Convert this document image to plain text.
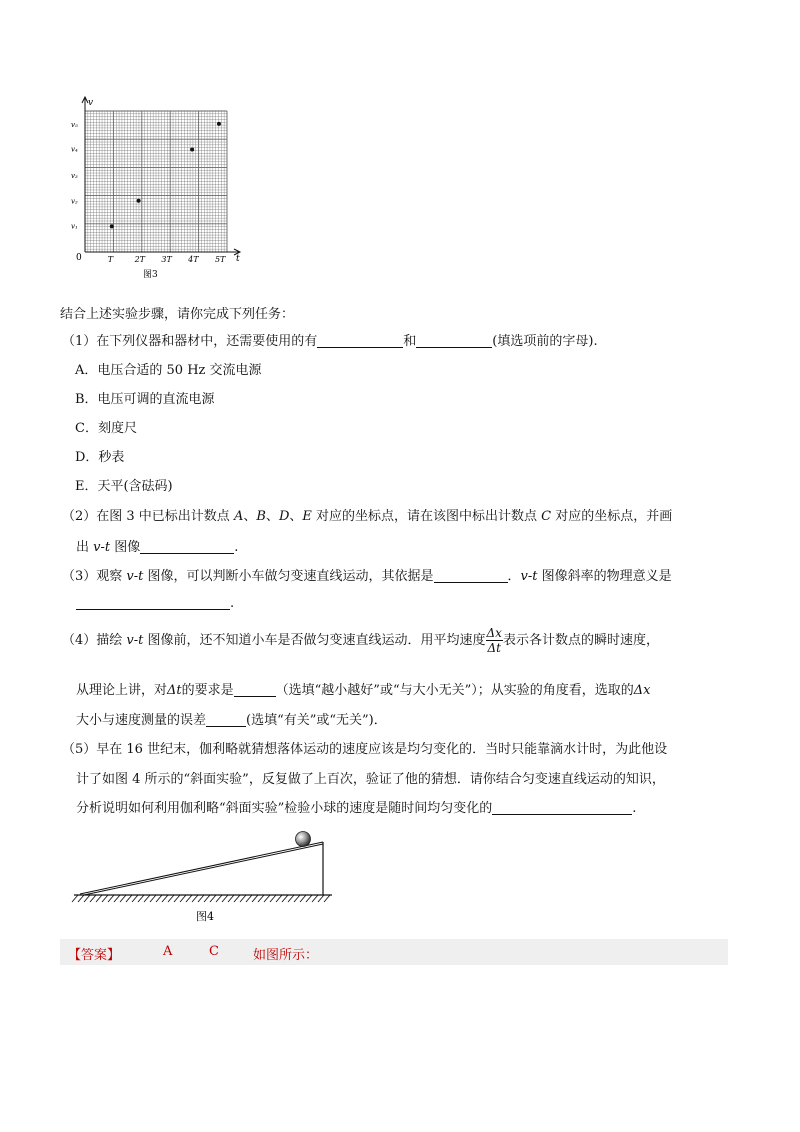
v₁
v₂
v₃
v₄
v₅
T	2T 3T 4T 5T
v
t
0
图3
结合上述实验步骤，请你完成下列任务：
（1）在下列仪器和器材中，还需要使用的有	和	(填选项前的字母).
A．电压合适的 50 Hz 交流电源
B．电压可调的直流电源
C．刻度尺
D．秒表
E．天平(含砝码)
（2）在图 3 中已标出计数点 A、B、D、E 对应的坐标点，请在该图中标出计数点 C 对应的坐标点，并画
出 v-t 图像	.
（3）观察 v-t 图像，可以判断小车做匀变速直线运动，其依据是	．v-t 图像斜率的物理意义是
.
（4）描绘 v-t 图像前，还不知道小车是否做匀变速直线运动．用平均速度 $\frac{\Delta x}{\Delta t}$ 表示各计数点的瞬时速度，
从理论上讲，对Δt的要求是	（选填“越小越好”或“与大小无关”）；从实验的角度看，选取的Δx
大小与速度测量的误差	(选填“有关”或“无关”)．
（5）早在 16 世纪末，伽利略就猜想落体运动的速度应该是均匀变化的．当时只能靠滴水计时，为此他设
计了如图 4 所示的“斜面实验”，反复做了上百次，验证了他的猜想．请你结合匀变速直线运动的知识，
分析说明如何利用伽利略“斜面实验”检验小球的速度是随时间均匀变化的	.
图4
【答案】	A	C	如图所示：
